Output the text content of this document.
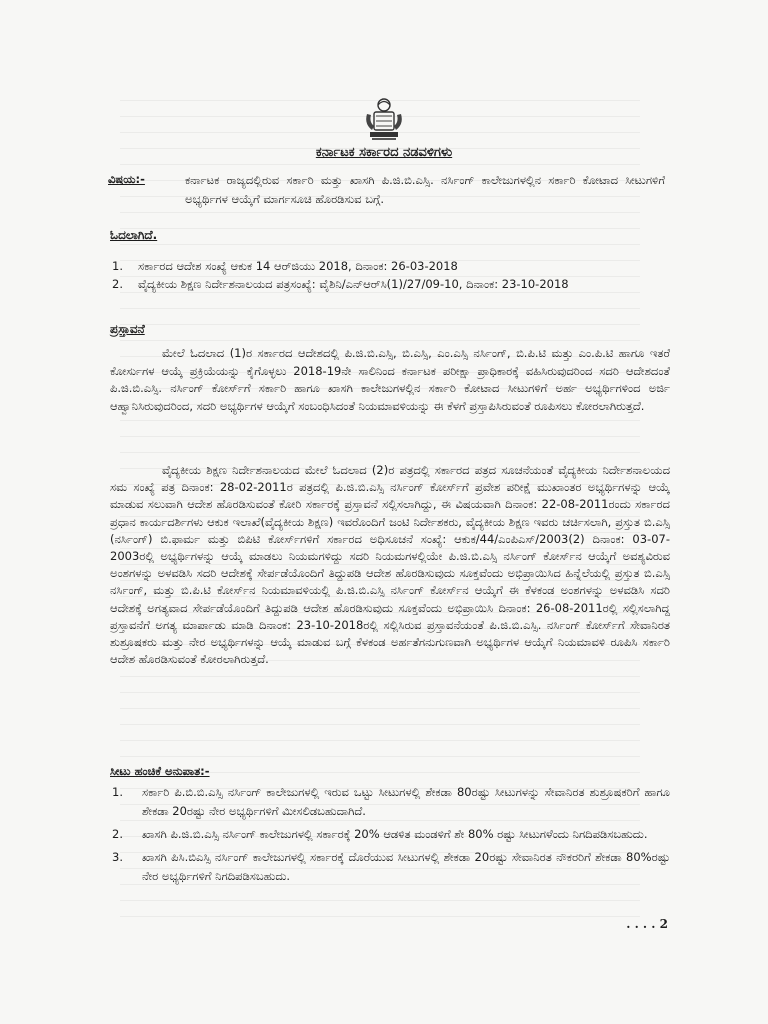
ಕರ್ನಾಟಕ ಸರ್ಕಾರದ ನಡವಳಿಗಳು
ವಿಷಯ:-	ಕರ್ನಾಟಕ ರಾಜ್ಯದಲ್ಲಿರುವ ಸರ್ಕಾರಿ ಮತ್ತು ಖಾಸಗಿ ಪಿ.ಜಿ.ಬಿ.ಎಸ್ಸಿ. ನರ್ಸಿಂಗ್ ಕಾಲೇಜುಗಳಲ್ಲಿನ ಸರ್ಕಾರಿ ಕೋಟಾದ ಸೀಟುಗಳಿಗೆ ಅಭ್ಯರ್ಥಿಗಳ ಆಯ್ಕೆಗೆ ಮಾರ್ಗಸೂಚಿ ಹೊರಡಿಸುವ ಬಗ್ಗೆ.
ಓದಲಾಗಿದೆ.
1.	ಸರ್ಕಾರದ ಆದೇಶ ಸಂಖ್ಯೆ ಆಕುಕ 14 ಆರ್‌ಜಿಯು 2018, ದಿನಾಂಕ: 26-03-2018
2.	ವೈದ್ಯಕೀಯ ಶಿಕ್ಷಣ ನಿರ್ದೇಶನಾಲಯದ ಪತ್ರಸಂಖ್ಯೆ: ವೈಶಿನಿ/ಎನ್‌ಆರ್‌ಸಿ(1)/27/09-10, ದಿನಾಂಕ: 23-10-2018
ಪ್ರಸ್ತಾವನೆ
ಮೇಲೆ ಓದಲಾದ (1)ರ ಸರ್ಕಾರದ ಆದೇಶದಲ್ಲಿ ಪಿ.ಜಿ.ಬಿ.ಎಸ್ಸಿ, ಬಿ.ಎಸ್ಸಿ, ಎಂ.ಎಸ್ಸಿ ನರ್ಸಿಂಗ್, ಬಿ.ಪಿ.ಟಿ ಮತ್ತು ಎಂ.ಪಿ.ಟಿ ಹಾಗೂ ಇತರೆ ಕೋರ್ಸುಗಳ ಆಯ್ಕೆ ಪ್ರಕ್ರಿಯೆಯನ್ನು ಕೈಗೊಳ್ಳಲು 2018-19ನೇ ಸಾಲಿನಿಂದ ಕರ್ನಾಟಕ ಪರೀಕ್ಷಾ ಪ್ರಾಧಿಕಾರಕ್ಕೆ ವಹಿಸಿರುವುದರಿಂದ ಸದರಿ ಆದೇಶದಂತೆ ಪಿ.ಜಿ.ಬಿ.ಎಸ್ಸಿ. ನರ್ಸಿಂಗ್ ಕೋರ್ಸ್‌ಗೆ ಸರ್ಕಾರಿ ಹಾಗೂ ಖಾಸಗಿ ಕಾಲೇಜುಗಳಲ್ಲಿನ ಸರ್ಕಾರಿ ಕೋಟಾದ ಸೀಟುಗಳಿಗೆ ಅರ್ಹ ಅಭ್ಯರ್ಥಿಗಳಿಂದ ಅರ್ಜಿ ಆಹ್ವಾನಿಸಿರುವುದರಿಂದ, ಸದರಿ ಅಭ್ಯರ್ಥಿಗಳ ಆಯ್ಕೆಗೆ ಸಂಬಂಧಿಸಿದಂತೆ ನಿಯಮಾವಳಿಯನ್ನು ಈ ಕೆಳಗೆ ಪ್ರಸ್ತಾಪಿಸಿರುವಂತೆ ರೂಪಿಸಲು ಕೋರಲಾಗಿರುತ್ತದೆ.
ವೈದ್ಯಕೀಯ ಶಿಕ್ಷಣ ನಿರ್ದೇಶನಾಲಯದ ಮೇಲೆ ಓದಲಾದ (2)ರ ಪತ್ರದಲ್ಲಿ ಸರ್ಕಾರದ ಪತ್ರದ ಸೂಚನೆಯಂತೆ ವೈದ್ಯಕೀಯ ನಿರ್ದೇಶನಾಲಯದ ಸಮ ಸಂಖ್ಯೆ ಪತ್ರ ದಿನಾಂಕ: 28-02-2011ರ ಪತ್ರದಲ್ಲಿ ಪಿ.ಜಿ.ಬಿ.ಎಸ್ಸಿ ನರ್ಸಿಂಗ್ ಕೋರ್ಸ್‌ಗೆ ಪ್ರವೇಶ ಪರೀಕ್ಷೆ ಮುಖಾಂತರ ಅಭ್ಯರ್ಥಿಗಳನ್ನು ಆಯ್ಕೆ ಮಾಡುವ ಸಲುವಾಗಿ ಆದೇಶ ಹೊರಡಿಸುವಂತೆ ಕೋರಿ ಸರ್ಕಾರಕ್ಕೆ ಪ್ರಸ್ತಾವನೆ ಸಲ್ಲಿಸಲಾಗಿದ್ದು, ಈ ವಿಷಯವಾಗಿ ದಿನಾಂಕ: 22-08-2011ರಂದು ಸರ್ಕಾರದ ಪ್ರಧಾನ ಕಾರ್ಯದರ್ಶಿಗಳು ಆಕುಕ ಇಲಾಖೆ(ವೈದ್ಯಕೀಯ ಶಿಕ್ಷಣ) ಇವರೊಂದಿಗೆ ಜಂಟಿ ನಿರ್ದೇಶಕರು, ವೈದ್ಯಕೀಯ ಶಿಕ್ಷಣ ಇವರು ಚರ್ಚಿಸಲಾಗಿ, ಪ್ರಸ್ತುತ ಬಿ.ಎಸ್ಸಿ (ನರ್ಸಿಂಗ್) ಬಿ.ಫಾರ್ಮ ಮತ್ತು ಬಿಪಿಟಿ ಕೋರ್ಸ್‌ಗಳಿಗೆ ಸರ್ಕಾರದ ಅಧಿಸೂಚನೆ ಸಂಖ್ಯೆ: ಆಕುಕ/44/ಎಂಪಿಎಸ್/2003(2) ದಿನಾಂಕ: 03-07-2003ರಲ್ಲಿ ಅಭ್ಯರ್ಥಿಗಳನ್ನು ಆಯ್ಕೆ ಮಾಡಲು ನಿಯಮಗಳಿದ್ದು ಸದರಿ ನಿಯಮಗಳಲ್ಲಿಯೇ ಪಿ.ಜಿ.ಬಿ.ಎಸ್ಸಿ ನರ್ಸಿಂಗ್ ಕೋರ್ಸ್‌ನ ಆಯ್ಕೆಗೆ ಅವಶ್ಯವಿರುವ ಅಂಶಗಳನ್ನು ಅಳವಡಿಸಿ ಸದರಿ ಆದೇಶಕ್ಕೆ ಸೇರ್ಪಡೆಯೊಂದಿಗೆ ತಿದ್ದುಪಡಿ ಆದೇಶ ಹೊರಡಿಸುವುದು ಸೂಕ್ತವೆಂದು ಅಭಿಪ್ರಾಯಿಸಿದ ಹಿನ್ನೆಲೆಯಲ್ಲಿ ಪ್ರಸ್ತುತ ಬಿ.ಎಸ್ಸಿ ನರ್ಸಿಂಗ್, ಮತ್ತು ಬಿ.ಪಿ.ಟಿ ಕೋರ್ಸ್‌ನ ನಿಯಮಾವಳಿಯಲ್ಲಿ ಪಿ.ಜಿ.ಬಿ.ಎಸ್ಸಿ ನರ್ಸಿಂಗ್ ಕೋರ್ಸ್‌ನ ಆಯ್ಕೆಗೆ ಈ ಕೆಳಕಂಡ ಅಂಶಗಳನ್ನು ಅಳವಡಿಸಿ ಸದರಿ ಆದೇಶಕ್ಕೆ ಅಗತ್ಯವಾದ ಸೇರ್ಪಡೆಯೊಂದಿಗೆ ತಿದ್ದುಪಡಿ ಆದೇಶ ಹೊರಡಿಸುವುದು ಸೂಕ್ತವೆಂದು ಅಭಿಪ್ರಾಯಿಸಿ ದಿನಾಂಕ: 26-08-2011ರಲ್ಲಿ ಸಲ್ಲಿಸಲಾಗಿದ್ದ ಪ್ರಸ್ತಾವನೆಗೆ ಅಗತ್ಯ ಮಾರ್ಪಾಡು ಮಾಡಿ ದಿನಾಂಕ: 23-10-2018ರಲ್ಲಿ ಸಲ್ಲಿಸಿರುವ ಪ್ರಸ್ತಾವನೆಯಂತೆ ಪಿ.ಜಿ.ಬಿ.ಎಸ್ಸಿ. ನರ್ಸಿಂಗ್ ಕೋರ್ಸ್‌ಗೆ ಸೇವಾನಿರತ ಶುಶ್ರೂಷಕರು ಮತ್ತು ನೇರ ಅಭ್ಯರ್ಥಿಗಳನ್ನು ಆಯ್ಕೆ ಮಾಡುವ ಬಗ್ಗೆ ಕೆಳಕಂಡ ಅರ್ಹತೆಗನುಗುಣವಾಗಿ ಅಭ್ಯರ್ಥಿಗಳ ಆಯ್ಕೆಗೆ ನಿಯಮಾವಳಿ ರೂಪಿಸಿ ಸರ್ಕಾರಿ ಆದೇಶ ಹೊರಡಿಸುವಂತೆ ಕೋರಲಾಗಿರುತ್ತದೆ.
ಸೀಟು ಹಂಚಿಕೆ ಅನುಪಾತ:-
1.	ಸರ್ಕಾರಿ ಪಿ.ಬಿ.ಬಿ.ಎಸ್ಸಿ ನರ್ಸಿಂಗ್ ಕಾಲೇಜುಗಳಲ್ಲಿ ಇರುವ ಒಟ್ಟು ಸೀಟುಗಳಲ್ಲಿ ಶೇಕಡಾ 80ರಷ್ಟು ಸೀಟುಗಳನ್ನು ಸೇವಾನಿರತ ಶುಶ್ರೂಷಕರಿಗೆ ಹಾಗೂ ಶೇಕಡಾ 20ರಷ್ಟು ನೇರ ಅಭ್ಯರ್ಥಿಗಳಿಗೆ ಮೀಸಲಿಡಬಹುದಾಗಿದೆ.
2.	ಖಾಸಗಿ ಪಿ.ಜಿ.ಬಿ.ಎಸ್ಸಿ ನರ್ಸಿಂಗ್ ಕಾಲೇಜುಗಳಲ್ಲಿ ಸರ್ಕಾರಕ್ಕೆ 20% ಆಡಳಿತ ಮಂಡಳಿಗೆ ಶೇ 80% ರಷ್ಟು ಸೀಟುಗಳೆಂದು ನಿಗದಿಪಡಿಸಬಹುದು.
3.	ಖಾಸಗಿ ಪಿಸಿ.ಬಿಎಸ್ಸಿ ನರ್ಸಿಂಗ್ ಕಾಲೇಜುಗಳಲ್ಲಿ ಸರ್ಕಾರಕ್ಕೆ ದೊರೆಯುವ ಸೀಟುಗಳಲ್ಲಿ ಶೇಕಡಾ 20ರಷ್ಟು ಸೇವಾನಿರತ ನೌಕರರಿಗೆ ಶೇಕಡಾ 80%ರಷ್ಟು ನೇರ ಅಭ್ಯರ್ಥಿಗಳಿಗೆ ನಿಗದಿಪಡಿಸಬಹುದು.
. . . . 2
